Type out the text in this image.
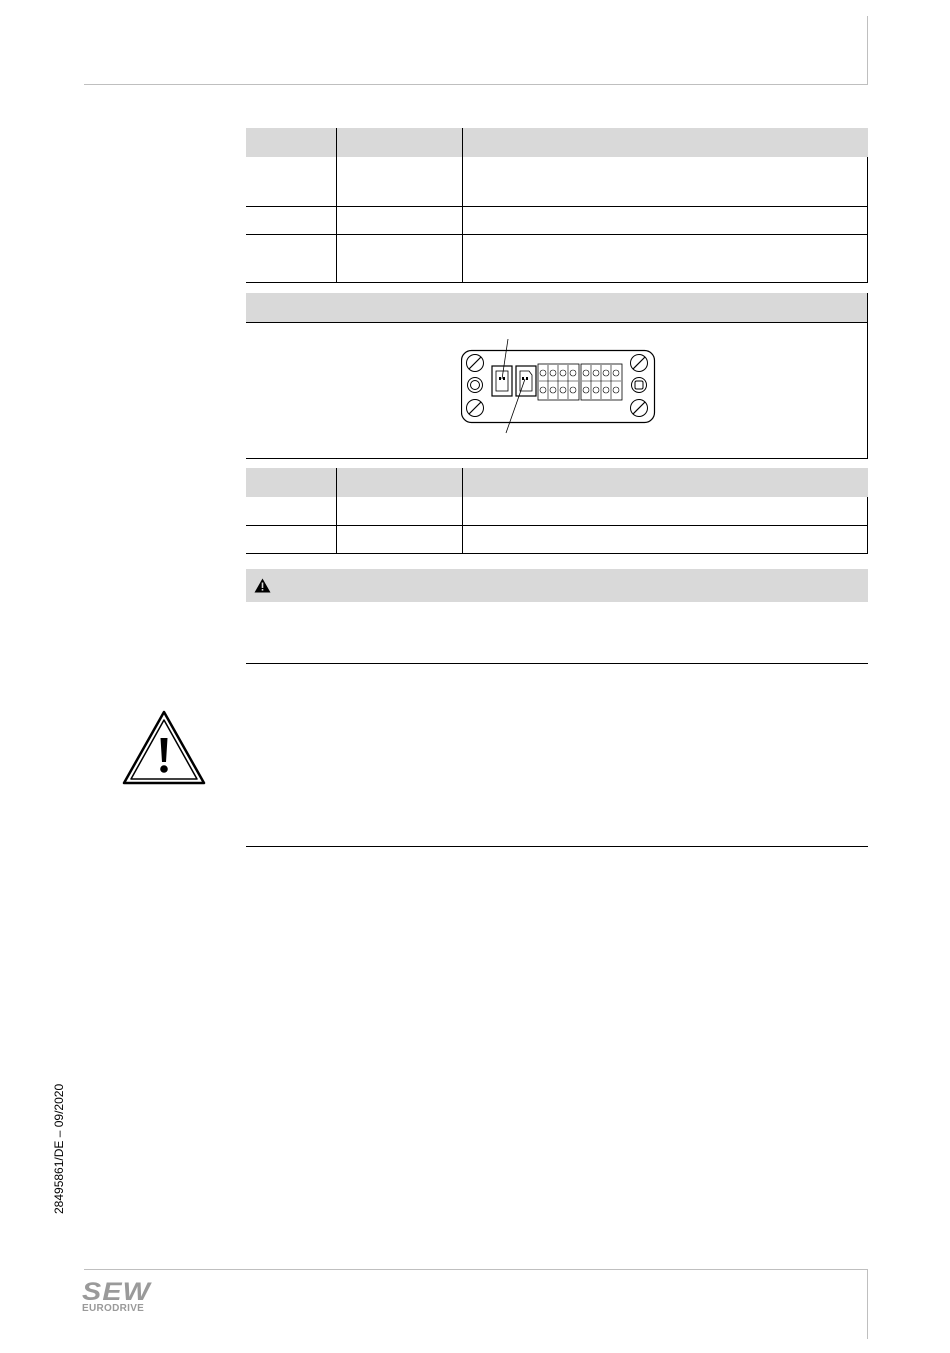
28495861/DE – 09/2020
SEW
EURODRIVE
